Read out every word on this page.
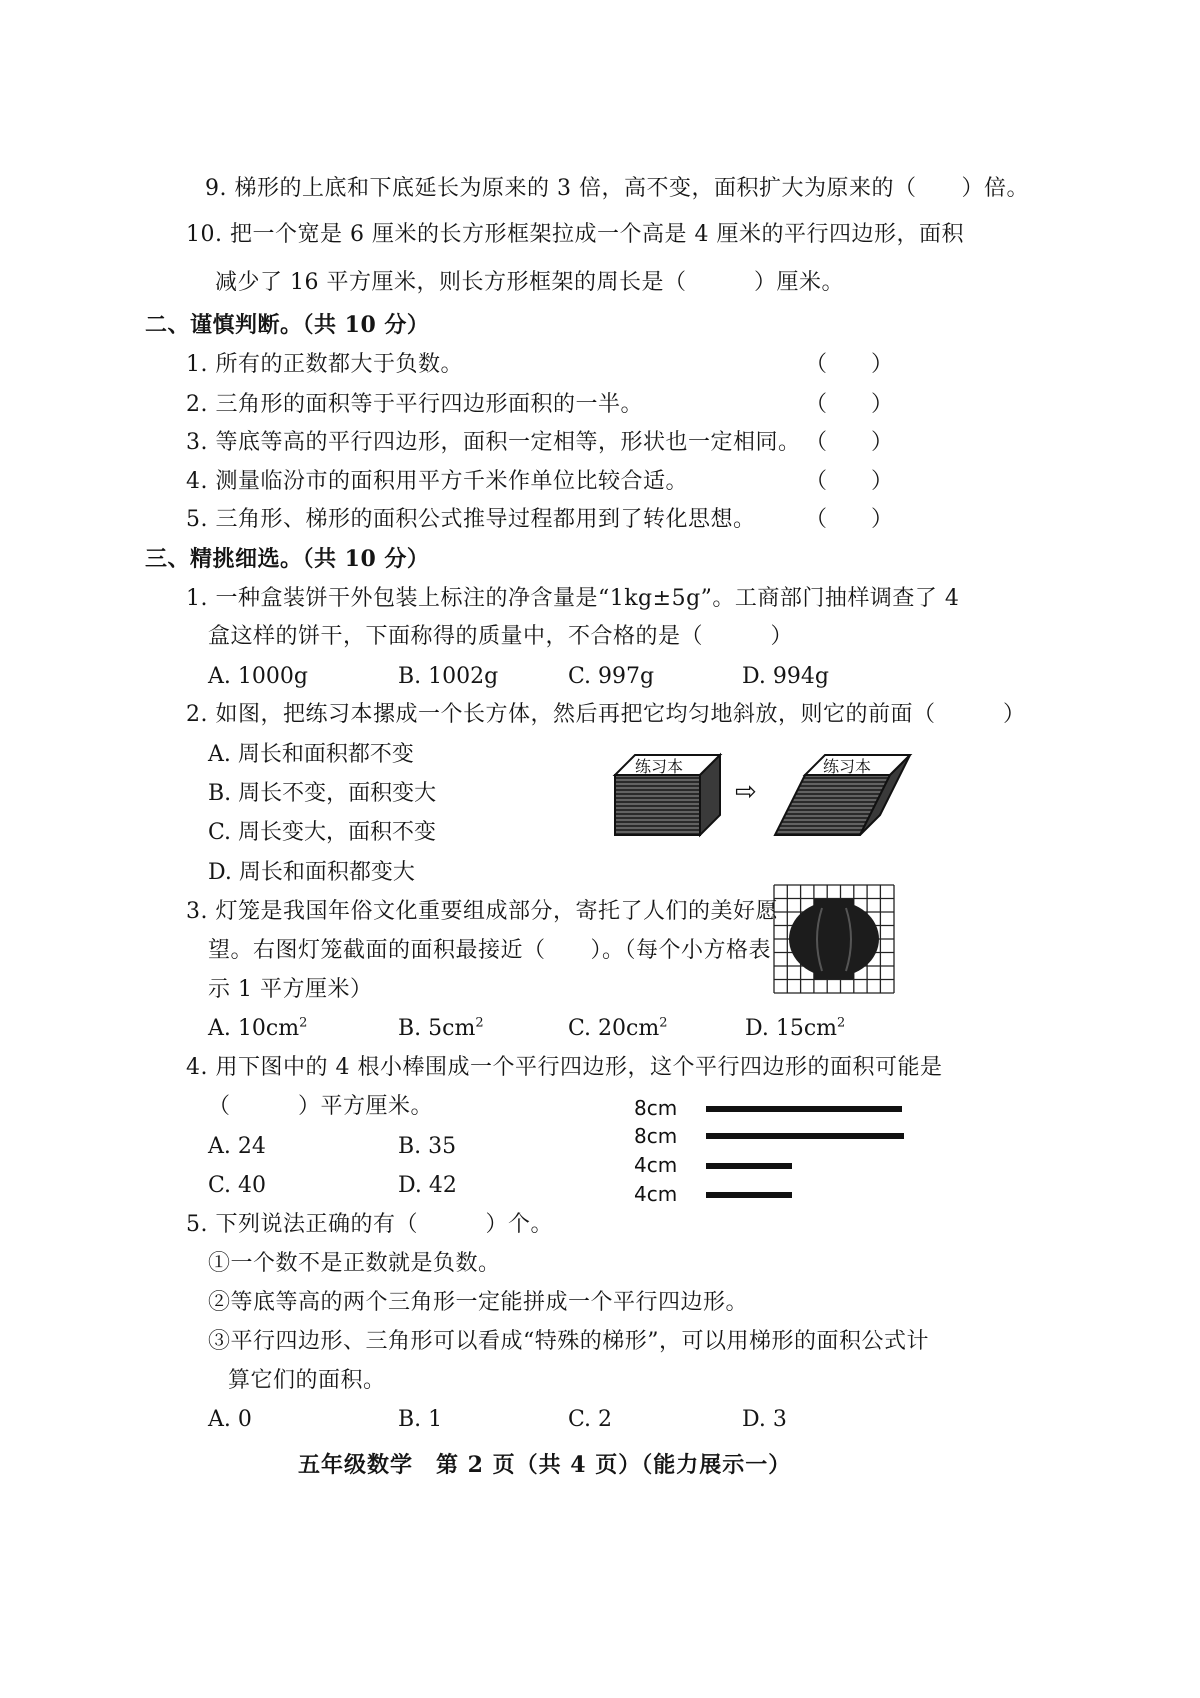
9. 梯形的上底和下底延长为原来的 3 倍，高不变，面积扩大为原来的（　　）倍。
10. 把一个宽是 6 厘米的长方形框架拉成一个高是 4 厘米的平行四边形，面积
减少了 16 平方厘米，则长方形框架的周长是（　　　）厘米。
二、谨慎判断。（共 10 分）
1. 所有的正数都大于负数。	（　　）
2. 三角形的面积等于平行四边形面积的一半。	（　　）
3. 等底等高的平行四边形，面积一定相等，形状也一定相同。 （　　）
4. 测量临汾市的面积用平方千米作单位比较合适。	（　　）
5. 三角形、梯形的面积公式推导过程都用到了转化思想。 （　　）
三、精挑细选。（共 10 分）
1. 一种盒装饼干外包装上标注的净含量是“1kg±5g”。工商部门抽样调查了 4
盒这样的饼干，下面称得的质量中，不合格的是（　　　）
A. 1000g	B. 1002g	C. 997g	D. 994g
2. 如图，把练习本摞成一个长方体，然后再把它均匀地斜放，则它的前面（　　　）
A. 周长和面积都不变
B. 周长不变，面积变大
C. 周长变大，面积不变
D. 周长和面积都变大
练习本
⇨
练习本
3. 灯笼是我国年俗文化重要组成部分，寄托了人们的美好愿
望。右图灯笼截面的面积最接近（　　）。（每个小方格表
示 1 平方厘米）
A. $10cm^2$	B. $5cm^2$	C. $20cm^2$	D. $15cm^2$
4. 用下图中的 4 根小棒围成一个平行四边形，这个平行四边形的面积可能是
（　　　）平方厘米。
A. 24	B. 35
C. 40	D. 42
8cm
8cm
4cm
4cm
5. 下列说法正确的有（　　　）个。
①一个数不是正数就是负数。
②等底等高的两个三角形一定能拼成一个平行四边形。
③平行四边形、三角形可以看成“特殊的梯形”，可以用梯形的面积公式计
算它们的面积。
A. 0	B. 1	C. 2	D. 3
五年级数学　第 2 页（共 4 页）（能力展示一）
